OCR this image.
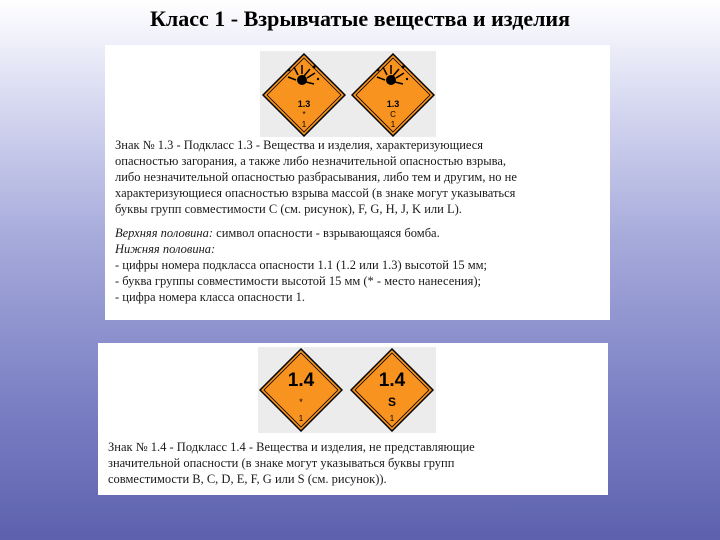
Класс 1 - Взрывчатые вещества и изделия
1.3
*
1
1.3
C
1
Знак № 1.3 - Подкласс 1.3 - Вещества и изделия, характеризующиеся
опасностью загорания, а также либо незначительной опасностью взрыва,
либо незначительной опасностью разбрасывания, либо тем и другим, но не
характеризующиеся опасностью взрыва массой (в знаке могут указываться
буквы групп совместимости С (см. рисунок), F, G, H, J, K или L).
Верхняя половина: символ опасности - взрывающаяся бомба.
Нижняя половина:
- цифры номера подкласса опасности 1.1 (1.2 или 1.3) высотой 15 мм;
- буква группы совместимости высотой 15 мм (* - место нанесения);
- цифра номера класса опасности 1.
1.4
*
1
1.4
S
1
Знак № 1.4 - Подкласс 1.4 - Вещества и изделия, не представляющие
значительной опасности (в знаке могут указываться буквы групп
совместимости B, C, D, E, F, G или S (см. рисунок)).
